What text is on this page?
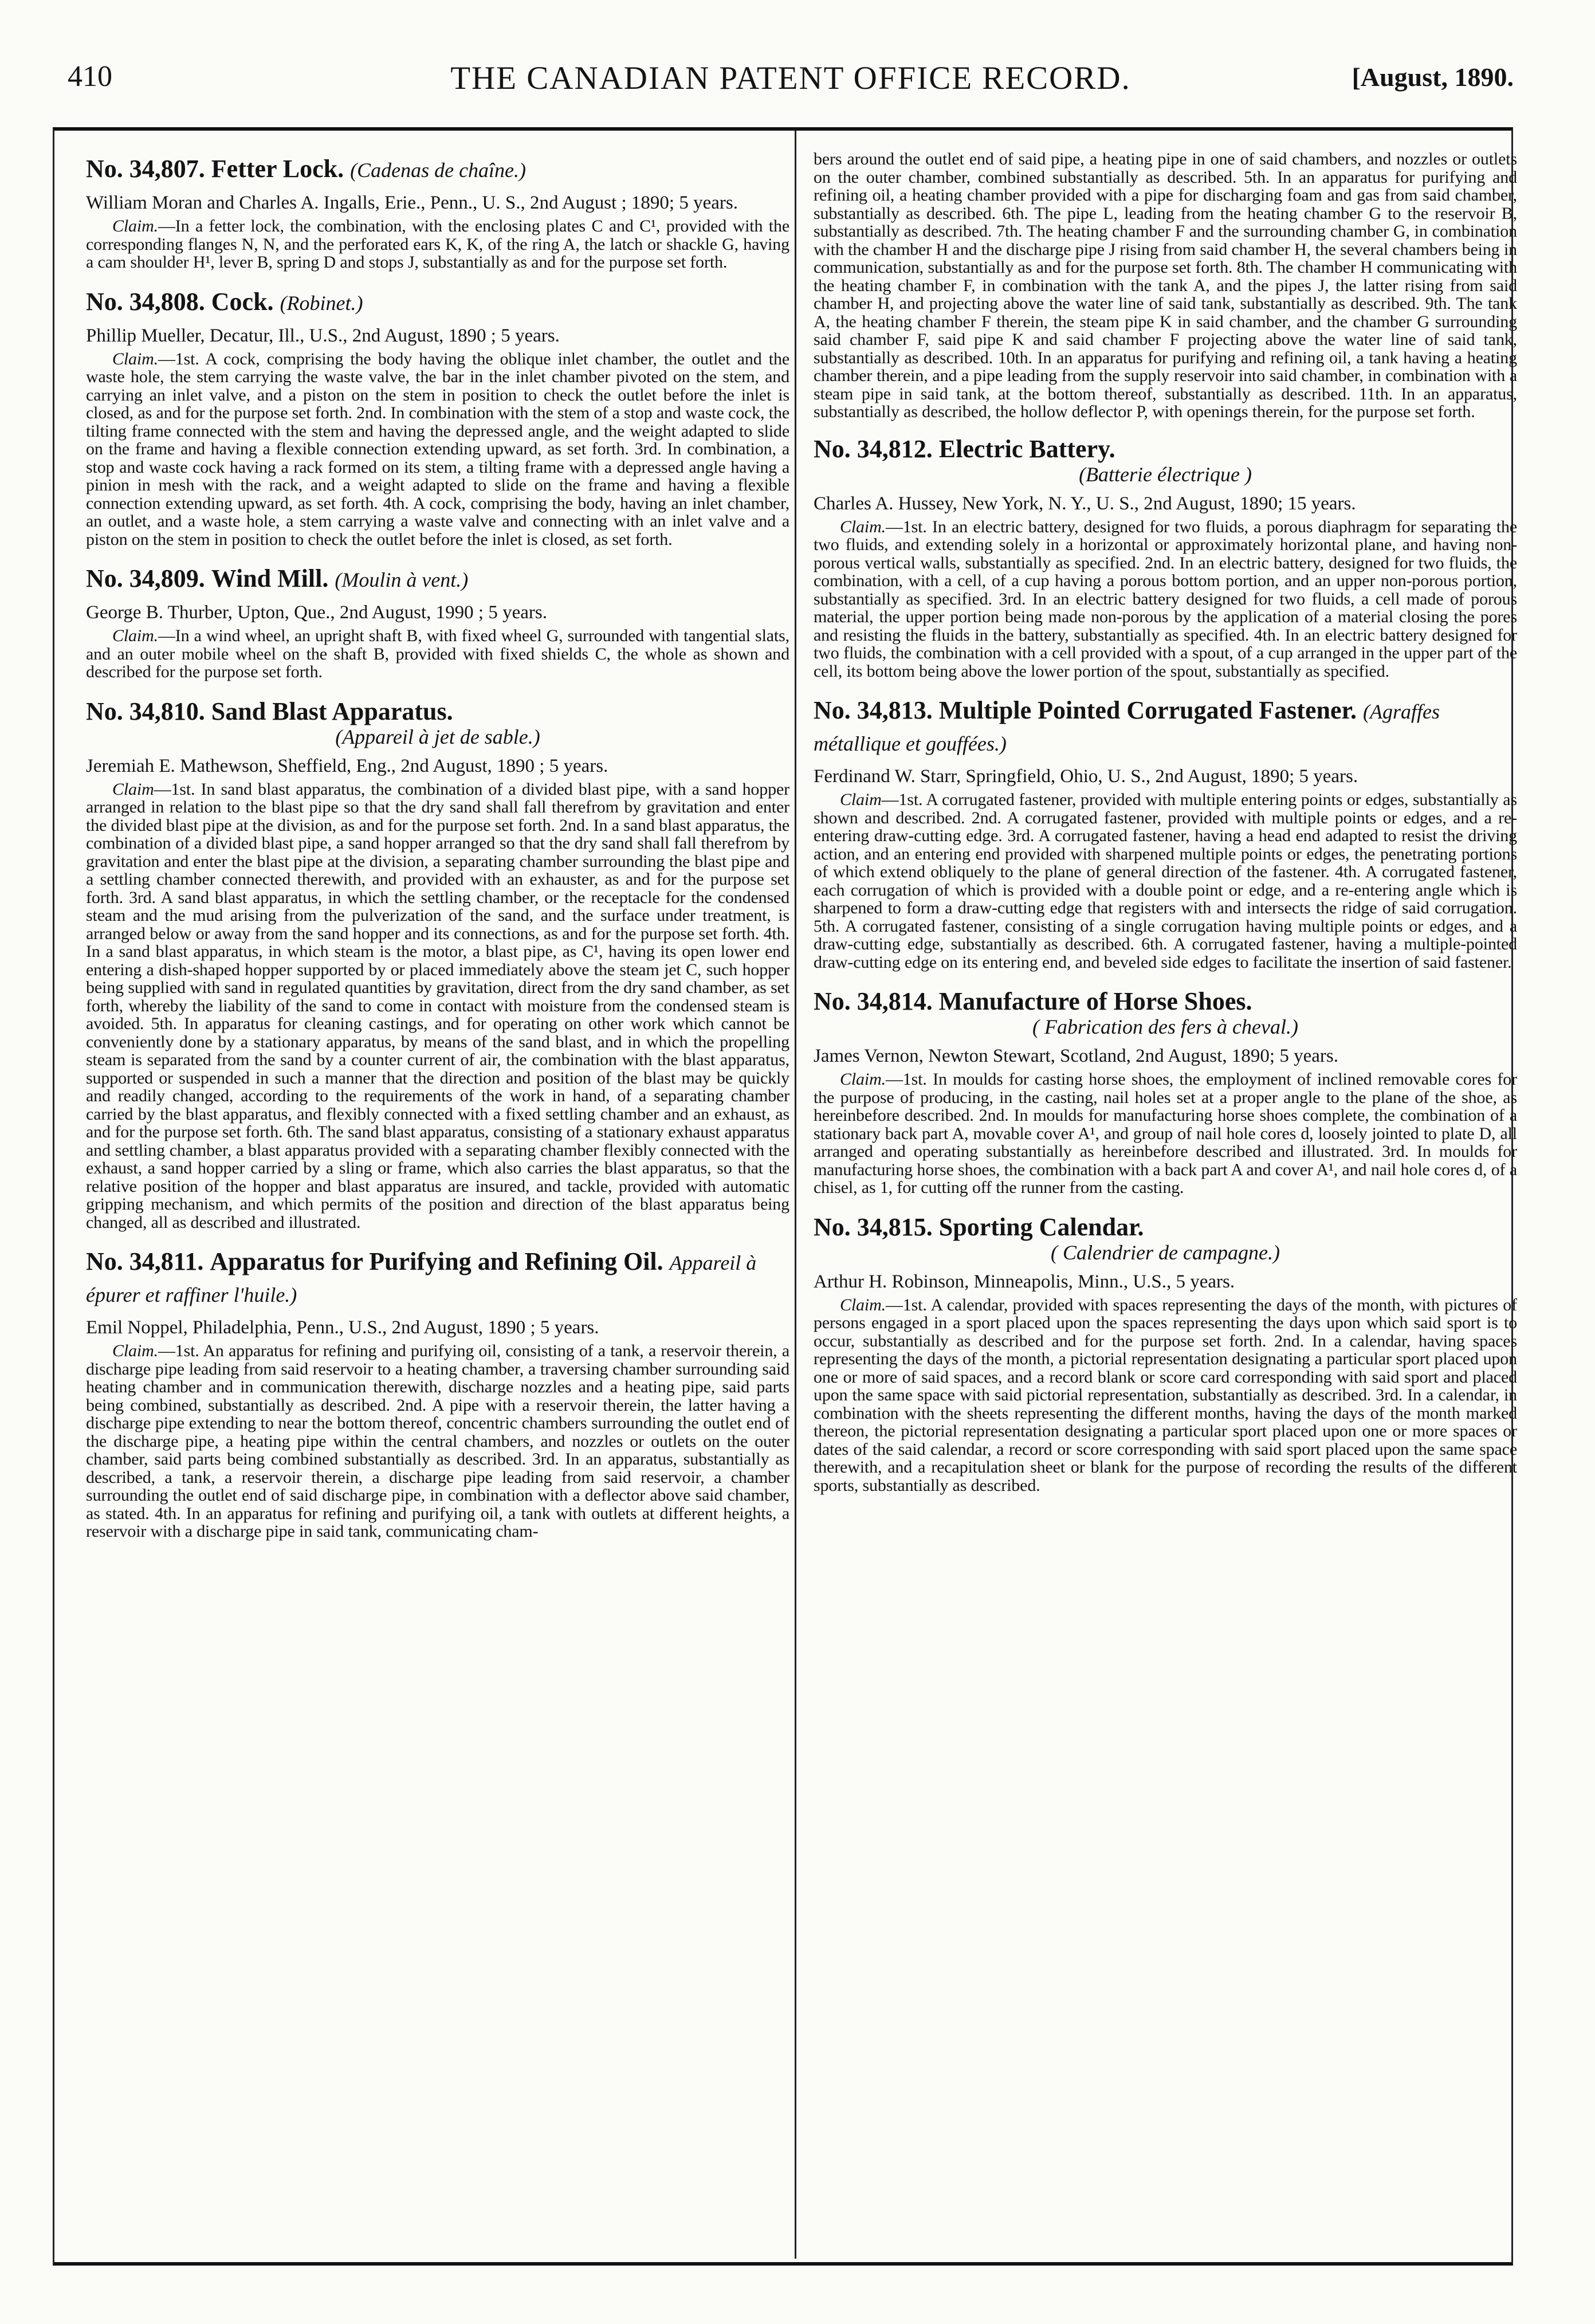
410	THE CANADIAN PATENT OFFICE RECORD.	[August, 1890.
No. 34,807. Fetter Lock. (Cadenas de chaîne.)

William Moran and Charles A. Ingalls, Erie., Penn., U. S., 2nd August ; 1890; 5 years.

Claim.—In a fetter lock, the combination, with the enclosing plates C and C¹, provided with the corresponding flanges N, N, and the perforated ears K, K, of the ring A, the latch or shackle G, having a cam shoulder H¹, lever B, spring D and stops J, substantially as and for the purpose set forth.

No. 34,808. Cock. (Robinet.)

Phillip Mueller, Decatur, Ill., U.S., 2nd August, 1890 ; 5 years.

Claim.—1st. A cock, comprising the body having the oblique inlet chamber, the outlet and the waste hole, the stem carrying the waste valve, the bar in the inlet chamber pivoted on the stem, and carrying an inlet valve, and a piston on the stem in position to check the outlet before the inlet is closed, as and for the purpose set forth. 2nd. In combination with the stem of a stop and waste cock, the tilting frame connected with the stem and having the depressed angle, and the weight adapted to slide on the frame and having a flexible connection extending upward, as set forth. 3rd. In combination, a stop and waste cock having a rack formed on its stem, a tilting frame with a depressed angle having a pinion in mesh with the rack, and a weight adapted to slide on the frame and having a flexible connection extending upward, as set forth. 4th. A cock, comprising the body, having an inlet chamber, an outlet, and a waste hole, a stem carrying a waste valve and connecting with an inlet valve and a piston on the stem in position to check the outlet before the inlet is closed, as set forth.

No. 34,809. Wind Mill. (Moulin à vent.)

George B. Thurber, Upton, Que., 2nd August, 1990 ; 5 years.

Claim.—In a wind wheel, an upright shaft B, with fixed wheel G, surrounded with tangential slats, and an outer mobile wheel on the shaft B, provided with fixed shields C, the whole as shown and described for the purpose set forth.

No. 34,810. Sand Blast Apparatus.
(Appareil à jet de sable.)

Jeremiah E. Mathewson, Sheffield, Eng., 2nd August, 1890 ; 5 years.

Claim—1st. In sand blast apparatus, the combination of a divided blast pipe, with a sand hopper arranged in relation to the blast pipe so that the dry sand shall fall therefrom by gravitation and enter the divided blast pipe at the division, as and for the purpose set forth. 2nd. In a sand blast apparatus, the combination of a divided blast pipe, a sand hopper arranged so that the dry sand shall fall therefrom by gravitation and enter the blast pipe at the division, a separating chamber surrounding the blast pipe and a settling chamber connected therewith, and provided with an exhauster, as and for the purpose set forth. 3rd. A sand blast apparatus, in which the settling chamber, or the receptacle for the condensed steam and the mud arising from the pulverization of the sand, and the surface under treatment, is arranged below or away from the sand hopper and its connections, as and for the purpose set forth. 4th. In a sand blast apparatus, in which steam is the motor, a blast pipe, as C¹, having its open lower end entering a dish-shaped hopper supported by or placed immediately above the steam jet C, such hopper being supplied with sand in regulated quantities by gravitation, direct from the dry sand chamber, as set forth, whereby the liability of the sand to come in contact with moisture from the condensed steam is avoided. 5th. In apparatus for cleaning castings, and for operating on other work which cannot be conveniently done by a stationary apparatus, by means of the sand blast, and in which the propelling steam is separated from the sand by a counter current of air, the combination with the blast apparatus, supported or suspended in such a manner that the direction and position of the blast may be quickly and readily changed, according to the requirements of the work in hand, of a separating chamber carried by the blast apparatus, and flexibly connected with a fixed settling chamber and an exhaust, as and for the purpose set forth. 6th. The sand blast apparatus, consisting of a stationary exhaust apparatus and settling chamber, a blast apparatus provided with a separating chamber flexibly connected with the exhaust, a sand hopper carried by a sling or frame, which also carries the blast apparatus, so that the relative position of the hopper and blast apparatus are insured, and tackle, provided with automatic gripping mechanism, and which permits of the position and direction of the blast apparatus being changed, all as described and illustrated.

No. 34,811. Apparatus for Purifying and Refining Oil. Appareil à épurer et raffiner l'huile.)

Emil Noppel, Philadelphia, Penn., U.S., 2nd August, 1890 ; 5 years.

Claim.—1st. An apparatus for refining and purifying oil, consisting of a tank, a reservoir therein, a discharge pipe leading from said reservoir to a heating chamber, a traversing chamber surrounding said heating chamber and in communication therewith, discharge nozzles and a heating pipe, said parts being combined, substantially as described. 2nd. A pipe with a reservoir therein, the latter having a discharge pipe extending to near the bottom thereof, concentric chambers surrounding the outlet end of the discharge pipe, a heating pipe within the central chambers, and nozzles or outlets on the outer chamber, said parts being combined substantially as described. 3rd. In an apparatus, substantially as described, a tank, a reservoir therein, a discharge pipe leading from said reservoir, a chamber surrounding the outlet end of said discharge pipe, in combination with a deflector above said chamber, as stated. 4th. In an apparatus for refining and purifying oil, a tank with outlets at different heights, a reservoir with a discharge pipe in said tank, communicating cham-

bers around the outlet end of said pipe, a heating pipe in one of said chambers, and nozzles or outlets on the outer chamber, combined substantially as described. 5th. In an apparatus for purifying and refining oil, a heating chamber provided with a pipe for discharging foam and gas from said chamber, substantially as described. 6th. The pipe L, leading from the heating chamber G to the reservoir B, substantially as described. 7th. The heating chamber F and the surrounding chamber G, in combination with the chamber H and the discharge pipe J rising from said chamber H, the several chambers being in communication, substantially as and for the purpose set forth. 8th. The chamber H communicating with the heating chamber F, in combination with the tank A, and the pipes J, the latter rising from said chamber H, and projecting above the water line of said tank, substantially as described. 9th. The tank A, the heating chamber F therein, the steam pipe K in said chamber, and the chamber G surrounding said chamber F, said pipe K and said chamber F projecting above the water line of said tank, substantially as described. 10th. In an apparatus for purifying and refining oil, a tank having a heating chamber therein, and a pipe leading from the supply reservoir into said chamber, in combination with a steam pipe in said tank, at the bottom thereof, substantially as described. 11th. In an apparatus, substantially as described, the hollow deflector P, with openings therein, for the purpose set forth.

No. 34,812. Electric Battery.
(Batterie électrique )

Charles A. Hussey, New York, N. Y., U. S., 2nd August, 1890; 15 years.

Claim.—1st. In an electric battery, designed for two fluids, a porous diaphragm for separating the two fluids, and extending solely in a horizontal or approximately horizontal plane, and having non-porous vertical walls, substantially as specified. 2nd. In an electric battery, designed for two fluids, the combination, with a cell, of a cup having a porous bottom portion, and an upper non-porous portion, substantially as specified. 3rd. In an electric battery designed for two fluids, a cell made of porous material, the upper portion being made non-porous by the application of a material closing the pores and resisting the fluids in the battery, substantially as specified. 4th. In an electric battery designed for two fluids, the combination with a cell provided with a spout, of a cup arranged in the upper part of the cell, its bottom being above the lower portion of the spout, substantially as specified.

No. 34,813. Multiple Pointed Corrugated Fastener. (Agraffes métallique et gouffées.)

Ferdinand W. Starr, Springfield, Ohio, U. S., 2nd August, 1890; 5 years.

Claim—1st. A corrugated fastener, provided with multiple entering points or edges, substantially as shown and described. 2nd. A corrugated fastener, provided with multiple points or edges, and a re-entering draw-cutting edge. 3rd. A corrugated fastener, having a head end adapted to resist the driving action, and an entering end provided with sharpened multiple points or edges, the penetrating portions of which extend obliquely to the plane of general direction of the fastener. 4th. A corrugated fastener, each corrugation of which is provided with a double point or edge, and a re-entering angle which is sharpened to form a draw-cutting edge that registers with and intersects the ridge of said corrugation. 5th. A corrugated fastener, consisting of a single corrugation having multiple points or edges, and a draw-cutting edge, substantially as described. 6th. A corrugated fastener, having a multiple-pointed draw-cutting edge on its entering end, and beveled side edges to facilitate the insertion of said fastener.

No. 34,814. Manufacture of Horse Shoes.
( Fabrication des fers à cheval.)

James Vernon, Newton Stewart, Scotland, 2nd August, 1890; 5 years.

Claim.—1st. In moulds for casting horse shoes, the employment of inclined removable cores for the purpose of producing, in the casting, nail holes set at a proper angle to the plane of the shoe, as hereinbefore described. 2nd. In moulds for manufacturing horse shoes complete, the combination of a stationary back part A, movable cover A¹, and group of nail hole cores d, loosely jointed to plate D, all arranged and operating substantially as hereinbefore described and illustrated. 3rd. In moulds for manufacturing horse shoes, the combination with a back part A and cover A¹, and nail hole cores d, of a chisel, as 1, for cutting off the runner from the casting.

No. 34,815. Sporting Calendar.
( Calendrier de campagne.)

Arthur H. Robinson, Minneapolis, Minn., U.S., 5 years.

Claim.—1st. A calendar, provided with spaces representing the days of the month, with pictures of persons engaged in a sport placed upon the spaces representing the days upon which said sport is to occur, substantially as described and for the purpose set forth. 2nd. In a calendar, having spaces representing the days of the month, a pictorial representation designating a particular sport placed upon one or more of said spaces, and a record blank or score card corresponding with said sport and placed upon the same space with said pictorial representation, substantially as described. 3rd. In a calendar, in combination with the sheets representing the different months, having the days of the month marked thereon, the pictorial representation designating a particular sport placed upon one or more spaces or dates of the said calendar, a record or score corresponding with said sport placed upon the same space therewith, and a recapitulation sheet or blank for the purpose of recording the results of the different sports, substantially as described.
